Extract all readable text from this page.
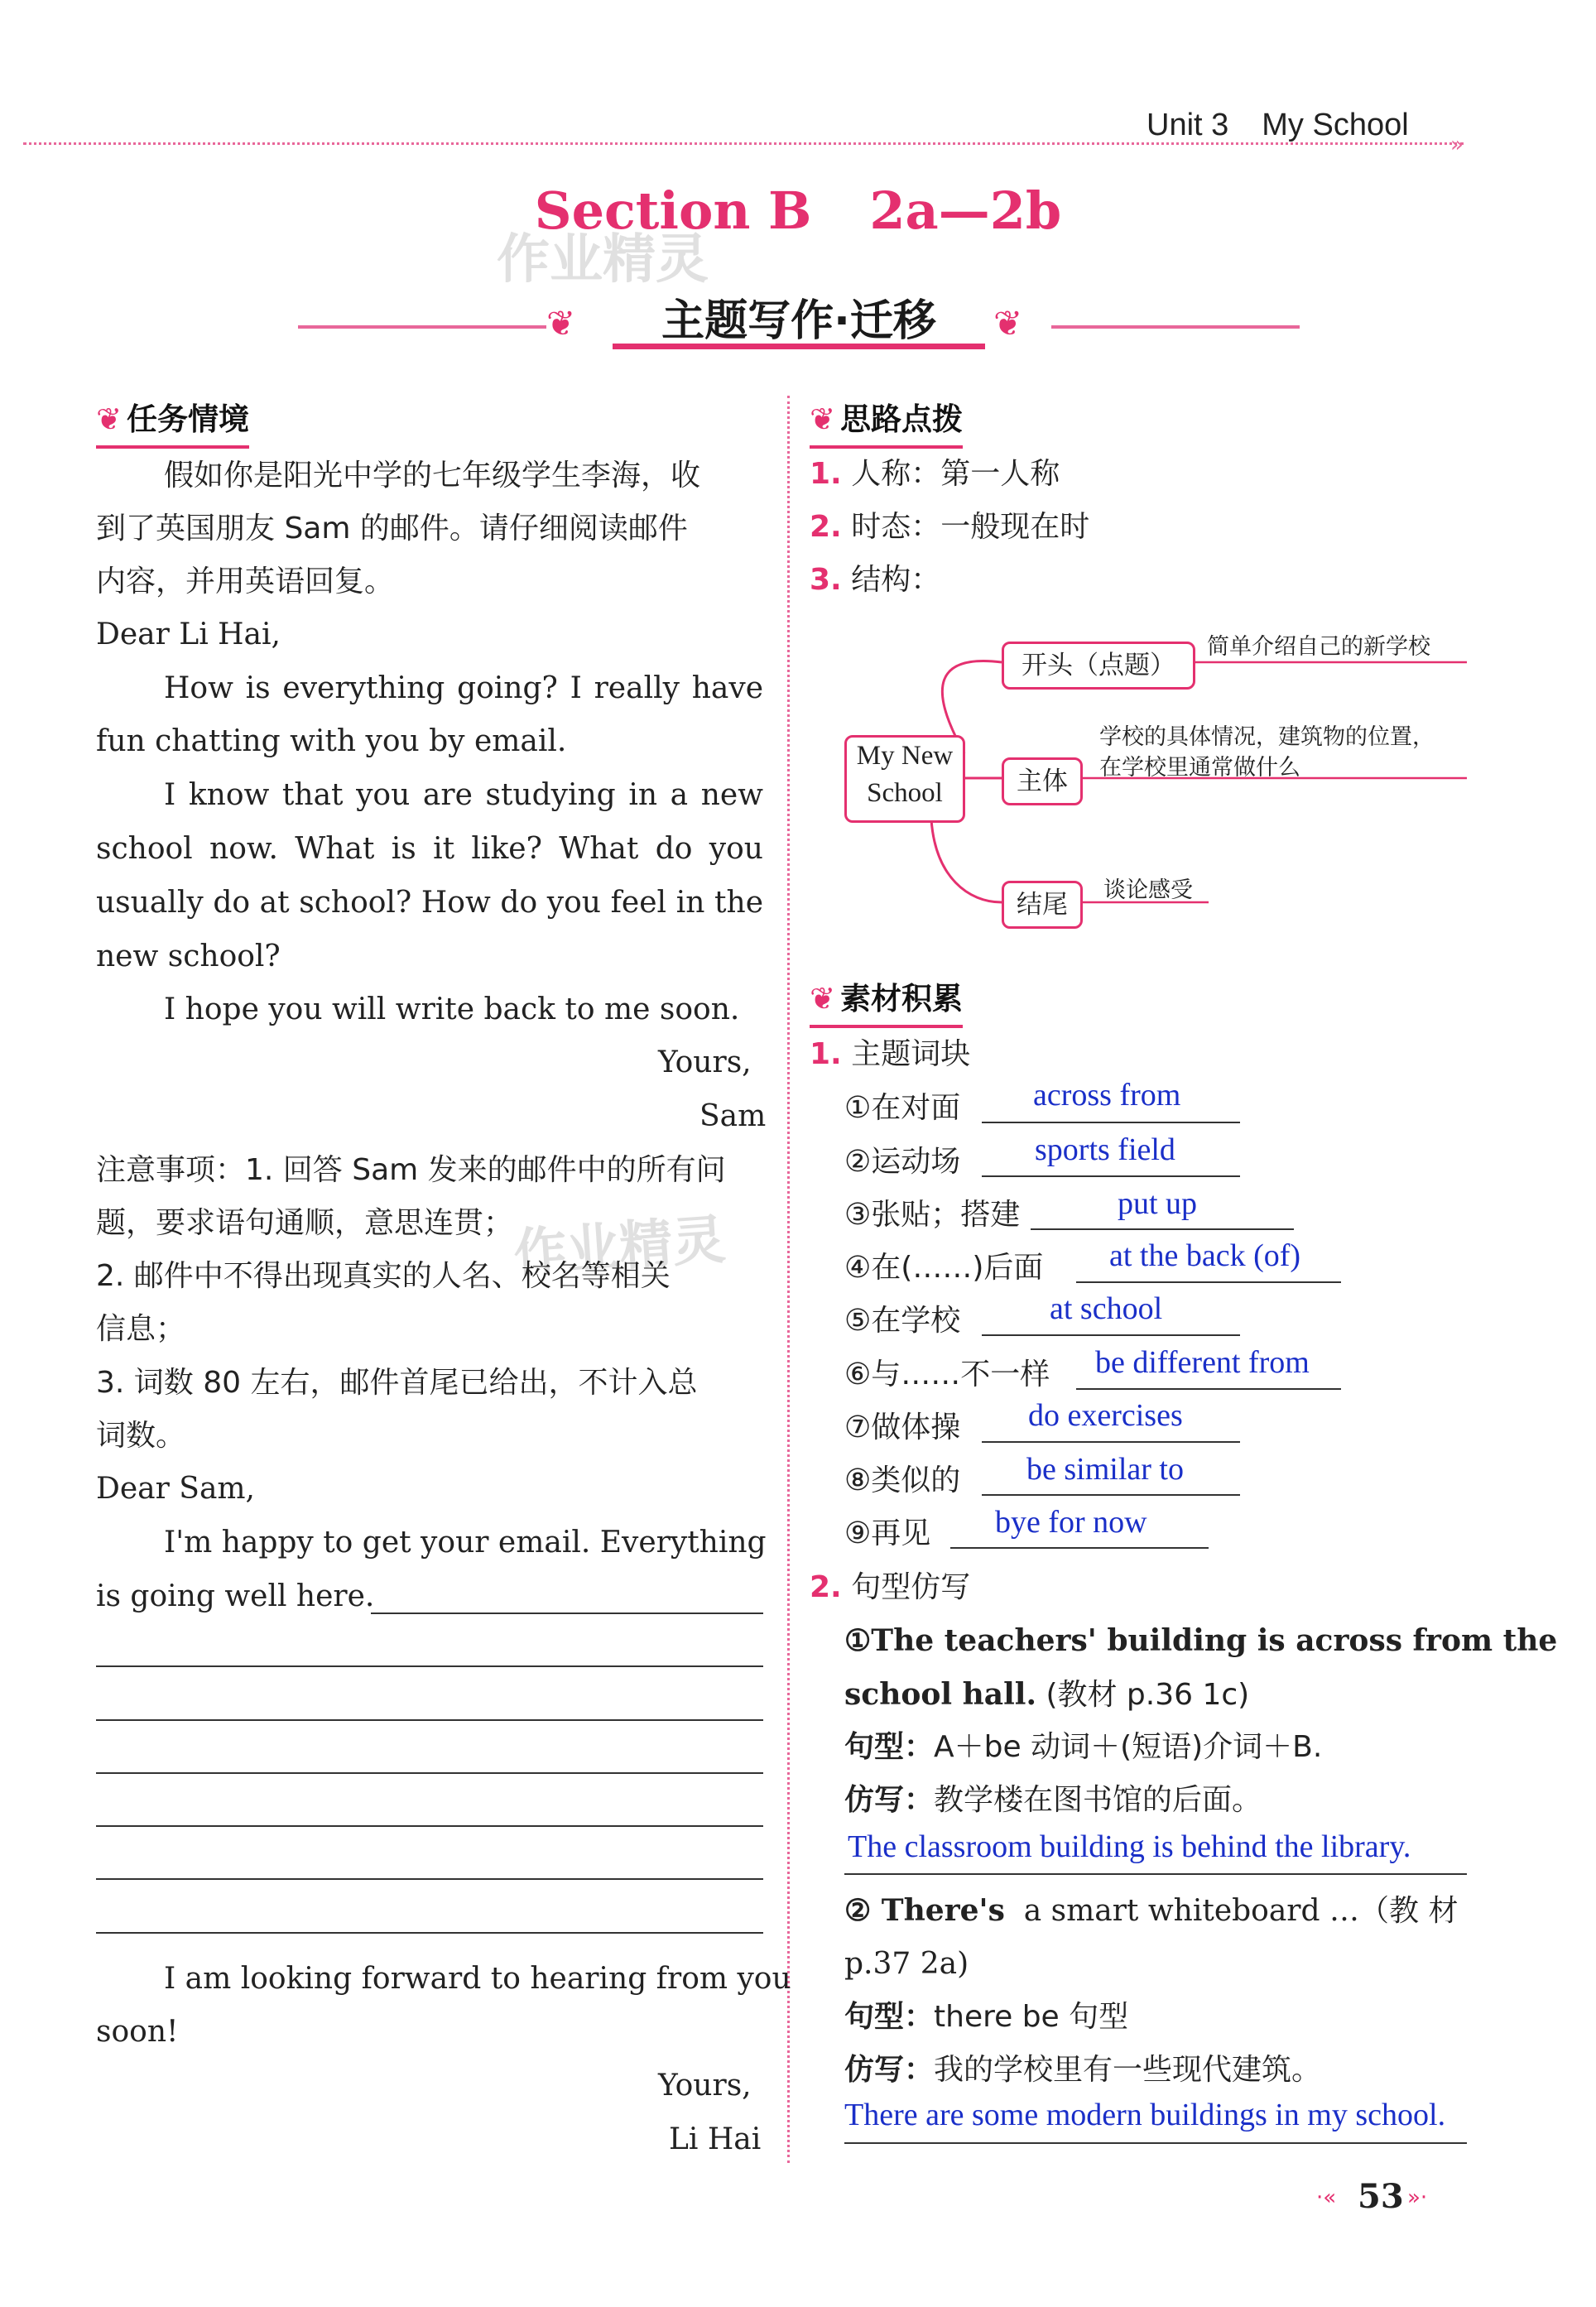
Unit 3 My School
»
Section B 2a—2b
❦	❦
主题写作·迁移
作业精灵
作业精灵
❦ 任务情境
假如你是阳光中学的七年级学生李海，收
到了英国朋友 Sam 的邮件。请仔细阅读邮件
内容，并用英语回复。
Dear Li Hai,
How is everything going? I really have
fun chatting with you by email.
I know that you are studying in a new
school now. What is it like? What do you
usually do at school? How do you feel in the
new school?
I hope you will write back to me soon.
Yours,
Sam
注意事项：1. 回答 Sam 发来的邮件中的所有问
题，要求语句通顺，意思连贯；
2. 邮件中不得出现真实的人名、校名等相关
信息；
3. 词数 80 左右，邮件首尾已给出，不计入总
词数。
Dear Sam,
I'm happy to get your email. Everything
is going well here.
I am looking forward to hearing from you
soon!
Yours,
Li Hai
❦ 思路点拨
1. 人称：第一人称
2. 时态：一般现在时
3. 结构：
My New
School
开头（点题）
简单介绍自己的新学校
主体
学校的具体情况，建筑物的位置，
在学校里通常做什么
结尾	谈论感受
❦ 素材积累
1. 主题词块
①在对面 across from
②运动场 sports field
③张贴；搭建	put up
④在(……)后面 at the back (of)
⑤在学校	at school
⑥与……不一样 be different from
⑦做体操 do exercises
⑧类似的 be similar to
⑨再见 bye for now
2. 句型仿写
①The teachers' building is across from the
school hall. (教材 p.36 1c)
句型：A＋be 动词＋(短语)介词＋B.
仿写：教学楼在图书馆的后面。
The classroom building is behind the library.
② There's a smart whiteboard …（教 材
p.37 2a)
句型：there be 句型
仿写：我的学校里有一些现代建筑。
There are some modern buildings in my school.
·« 53 »·
